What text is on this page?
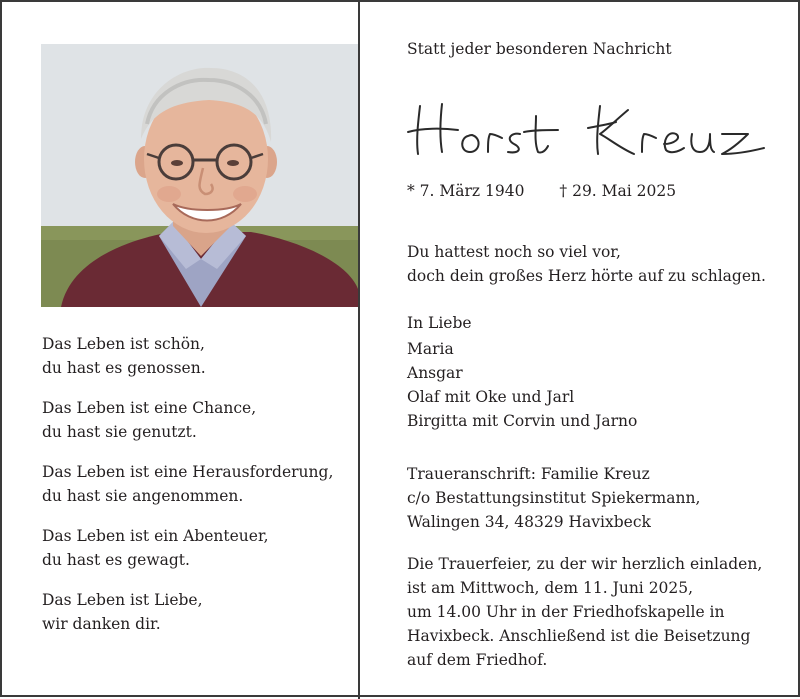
Das Leben ist schön,
du hast es genossen.
Das Leben ist eine Chance,
du hast sie genutzt.
Das Leben ist eine Herausforderung,
du hast sie angenommen.
Das Leben ist ein Abenteuer,
du hast es gewagt.
Das Leben ist Liebe,
wir danken dir.
Statt jeder besonderen Nachricht
* 7. März 1940 † 29. Mai 2025
Du hattest noch so viel vor,
doch dein großes Herz hörte auf zu schlagen.
In Liebe
Maria
Ansgar
Olaf mit Oke und Jarl
Birgitta mit Corvin und Jarno
Traueranschrift: Familie Kreuz
c/o Bestattungsinstitut Spiekermann,
Walingen 34, 48329 Havixbeck
Die Trauerfeier, zu der wir herzlich einladen,
ist am Mittwoch, dem 11. Juni 2025,
um 14.00 Uhr in der Friedhofskapelle in
Havixbeck. Anschließend ist die Beisetzung
auf dem Friedhof.
